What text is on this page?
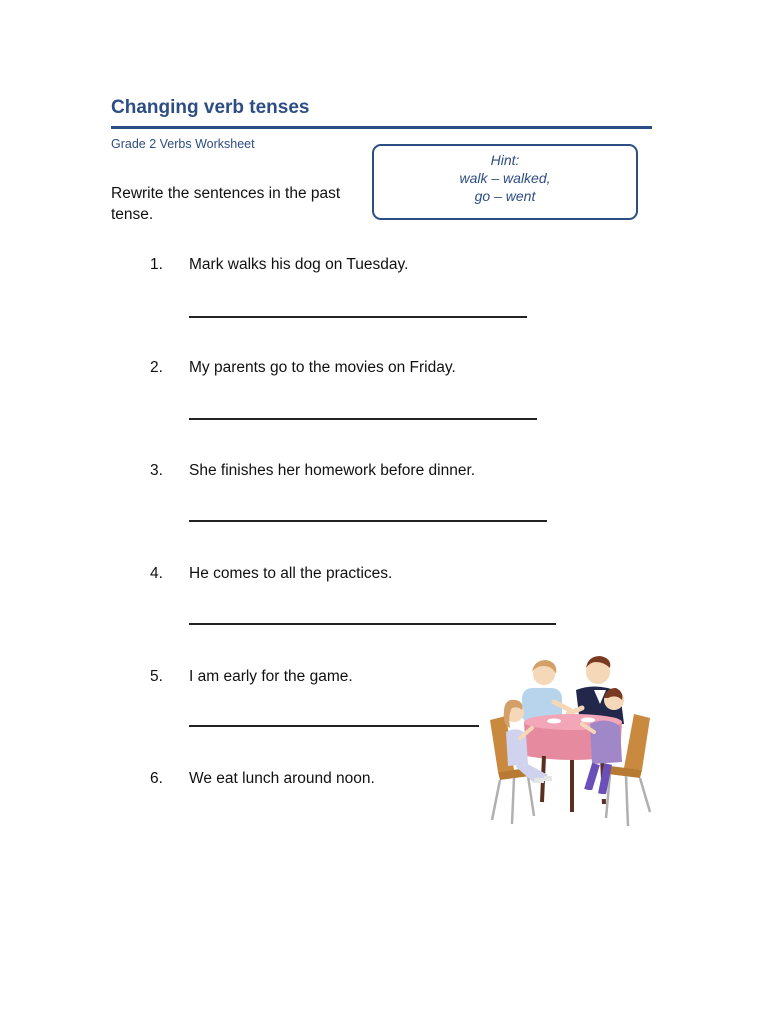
Changing verb tenses
Grade 2 Verbs Worksheet
Rewrite the sentences in the past tense.
Hint:
walk – walked,
go – went
1. Mark walks his dog on Tuesday.
2. My parents go to the movies on Friday.
3. She finishes her homework before dinner.
4. He comes to all the practices.
5. I am early for the game.
6. We eat lunch around noon.
